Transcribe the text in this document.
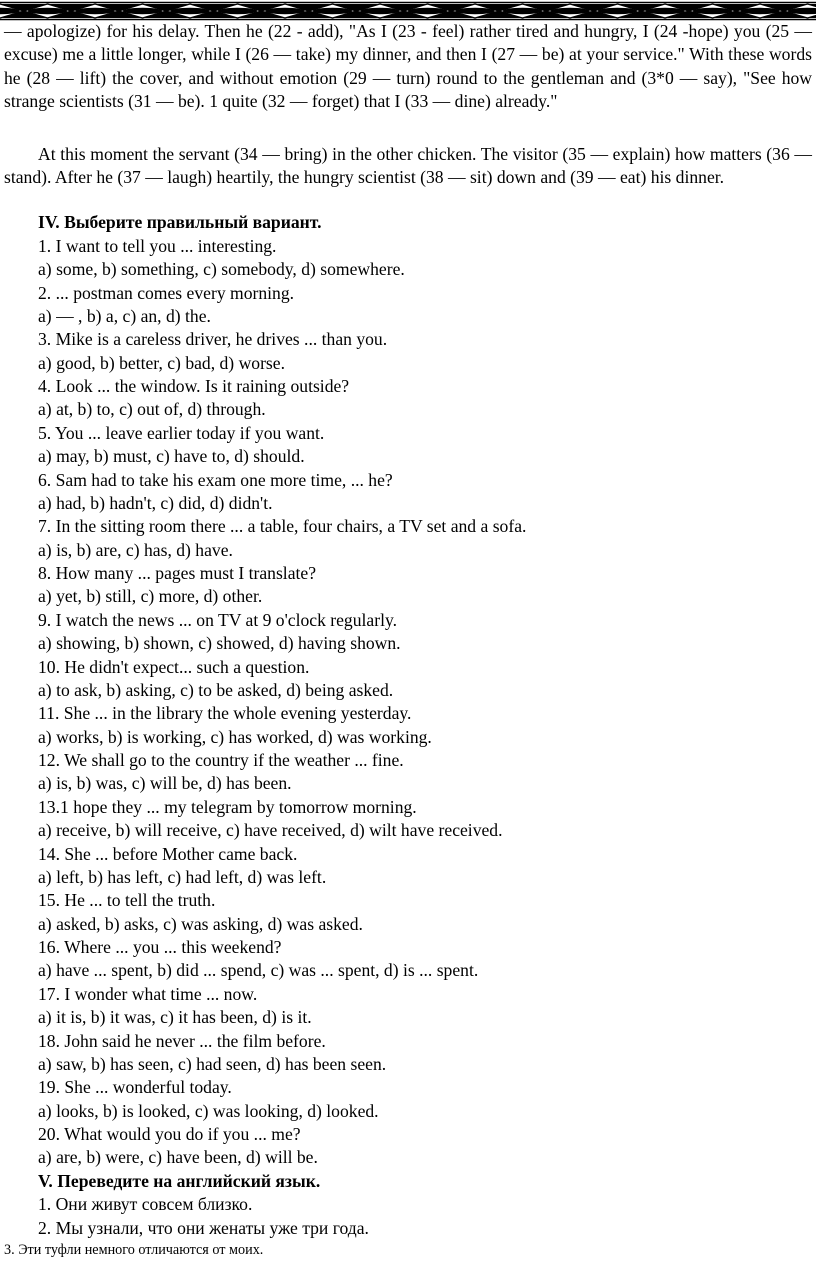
— apologize) for his delay. Then he (22 - add), "As I (23 - feel) rather tired and hungry, I (24 -hope) you (25 — excuse) me a little longer, while I (26 — take) my dinner, and then I (27 — be) at your service." With these words he (28 — lift) the cover, and without emotion (29 — turn) round to the gentleman and (3*0 — say), "See how strange scientists (31 — be). 1 quite (32 — forget) that I (33 — dine) already."

At this moment the servant (34 — bring) in the other chicken. The visitor (35 — explain) how matters (36 — stand). After he (37 — laugh) heartily, the hungry scientist (38 — sit) down and (39 — eat) his dinner.

IV. Выберите правильный вариант.
1. I want to tell you ... interesting.
a) some, b) something, c) somebody, d) somewhere.
2. ... postman comes every morning.
a) — , b) a, c) an, d) the.
3. Mike is a careless driver, he drives ... than you.
a) good, b) better, c) bad, d) worse.
4. Look ... the window. Is it raining outside?
a) at, b) to, c) out of, d) through.
5. You ... leave earlier today if you want.
a) may, b) must, c) have to, d) should.
6. Sam had to take his exam one more time, ... he?
a) had, b) hadn't, c) did, d) didn't.
7. In the sitting room there ... a table, four chairs, a TV set and a sofa.
a) is, b) are, c) has, d) have.
8. How many ... pages must I translate?
a) yet, b) still, c) more, d) other.
9. I watch the news ... on TV at 9 o'clock regularly.
a) showing, b) shown, c) showed, d) having shown.
10. He didn't expect... such a question.
a) to ask, b) asking, c) to be asked, d) being asked.
11. She ... in the library the whole evening yesterday.
a) works, b) is working, c) has worked, d) was working.
12. We shall go to the country if the weather ... fine.
a) is, b) was, c) will be, d) has been.
13.1 hope they ... my telegram by tomorrow morning.
a) receive, b) will receive, c) have received, d) wilt have received.
14. She ... before Mother came back.
a) left, b) has left, c) had left, d) was left.
15. He ... to tell the truth.
a) asked, b) asks, c) was asking, d) was asked.
16. Where ... you ... this weekend?
a) have ... spent, b) did ... spend, c) was ... spent, d) is ... spent.
17. I wonder what time ... now.
a) it is, b) it was, c) it has been, d) is it.
18. John said he never ... the film before.
a) saw, b) has seen, c) had seen, d) has been seen.
19. She ... wonderful today.
a) looks, b) is looked, c) was looking, d) looked.
20. What would you do if you ... me?
a) are, b) were, c) have been, d) will be.
V. Переведите на английский язык.
1. Они живут совсем близко.
2. Мы узнали, что они женаты уже три года.
3. Эти туфли немного отличаются от моих.
